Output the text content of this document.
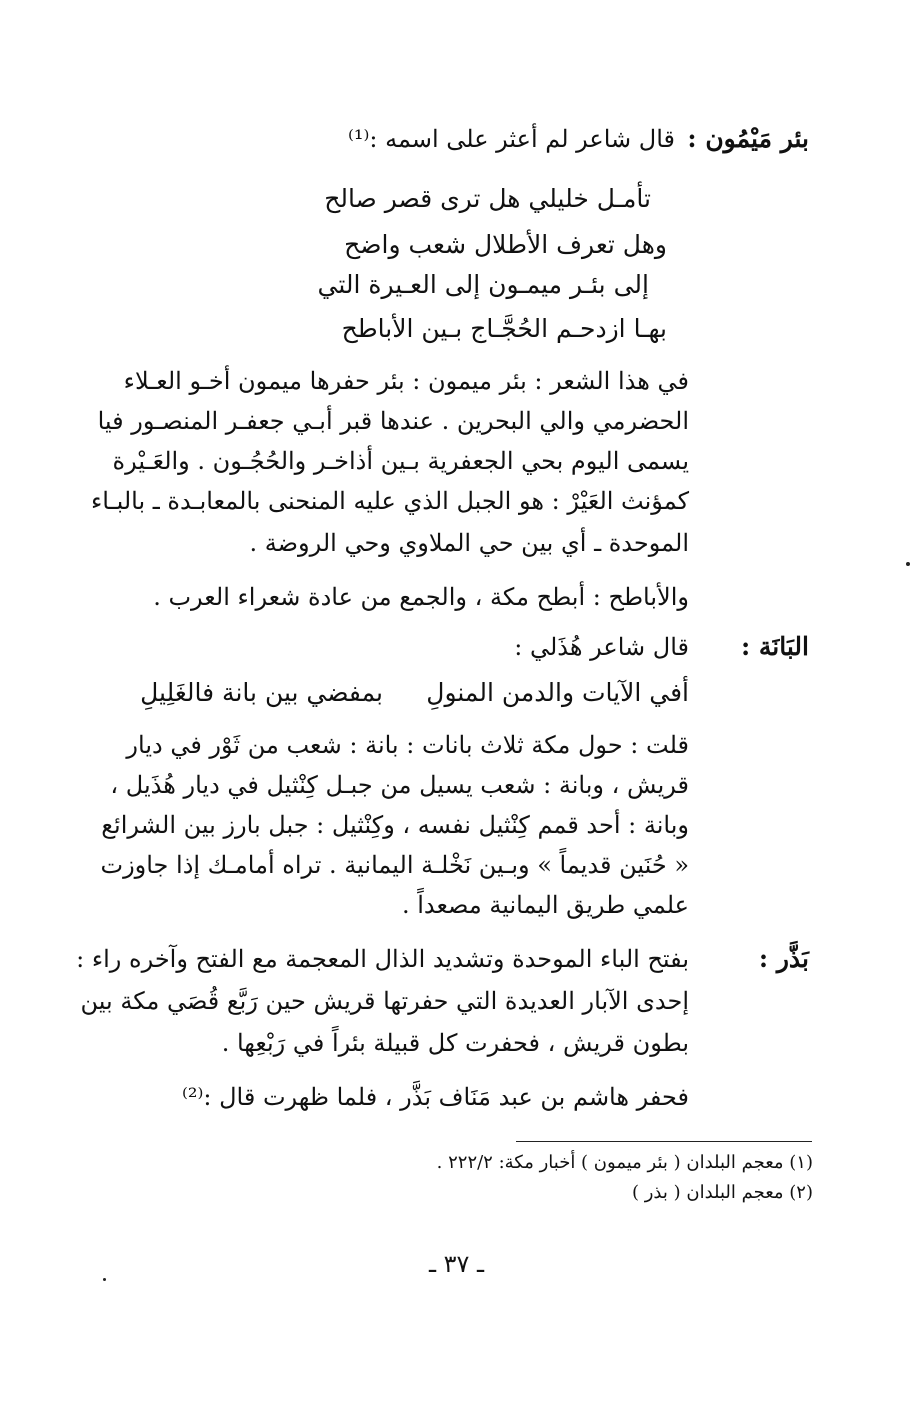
بئر مَيْمُون :
قال شاعر لم أعثر على اسمه :⁽¹⁾
تأمـل خليلي هل ترى قصر صالح
وهل تعرف الأطلال شعب واضح
إلى بئـر ميمـون إلى العـيرة التي
بهـا ازدحـم الحُجَّـاج بـين الأباطح
في هذا الشعر : بئر ميمون : بئر حفرها ميمون أخـو العـلاء
الحضرمي والي البحرين . عندها قبر أبـي جعفـر المنصـور فيا
يسمى اليوم بحي الجعفرية بـين أذاخـر والحُجُـون . والعَـيْرة
كمؤنث العَيْرْ : هو الجبل الذي عليه المنحنى بالمعابـدة ـ بالبـاء
الموحدة ـ أي بين حي الملاوي وحي الروضة .
والأباطح : أبطح مكة ، والجمع من عادة شعراء العرب .
البَانَة :
قال شاعر هُذَلي :
أفي الآيات والدمن المنولِ
بمفضي بين بانة فالغَلِيلِ
قلت : حول مكة ثلاث بانات : بانة : شعب من ثَوْر في ديار
قريش ، وبانة : شعب يسيل من جبـل كِنْثيل في ديار هُذَيل ،
وبانة : أحد قمم كِنْثيل نفسه ، وكِنْثيل : جبل بارز بين الشرائع
« حُنَين قديماً » وبـين نَخْلـة اليمانية . تراه أمامـك إذا جاوزت
علمي طريق اليمانية مصعداً .
بَذَّر :
بفتح الباء الموحدة وتشديد الذال المعجمة مع الفتح وآخره راء :
إحدى الآبار العديدة التي حفرتها قريش حين رَبَّع قُصَي مكة بين
بطون قريش ، فحفرت كل قبيلة بئراً في رَبْعِها .
فحفر هاشم بن عبد مَنَاف بَذَّر ، فلما ظهرت قال :⁽²⁾
(١) معجم البلدان ( بئر ميمون ) أخبار مكة: ٢٢٢/٢ .
(٢) معجم البلدان ( بذر )
ـ ٣٧ ـ
